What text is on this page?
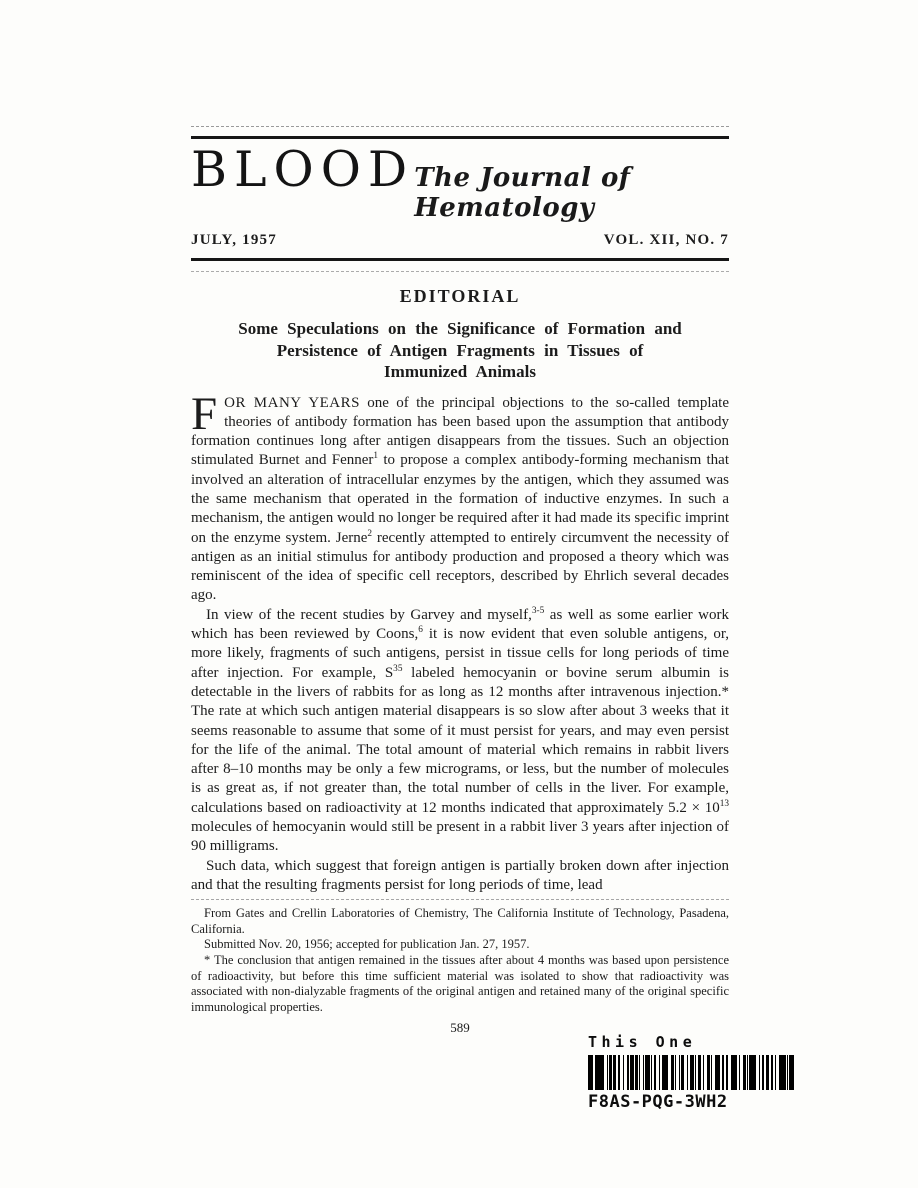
BLOOD The Journal of Hematology
JULY, 1957	VOL. XII, NO. 7
EDITORIAL
Some Speculations on the Significance of Formation and
Persistence of Antigen Fragments in Tissues of
Immunized Animals

FOR MANY YEARS one of the principal objections to the so-called template theories of antibody formation has been based upon the assumption that antibody formation continues long after antigen disappears from the tissues. Such an objection stimulated Burnet and Fenner$^1$ to propose a complex antibody-forming mechanism that involved an alteration of intracellular enzymes by the antigen, which they assumed was the same mechanism that operated in the formation of inductive enzymes. In such a mechanism, the antigen would no longer be required after it had made its specific imprint on the enzyme system. Jerne$^2$ recently attempted to entirely circumvent the necessity of antigen as an initial stimulus for antibody production and proposed a theory which was reminiscent of the idea of specific cell receptors, described by Ehrlich several decades ago.

In view of the recent studies by Garvey and myself,$^{3-5}$ as well as some earlier work which has been reviewed by Coons,$^6$ it is now evident that even soluble antigens, or, more likely, fragments of such antigens, persist in tissue cells for long periods of time after injection. For example, $S^{35}$ labeled hemocyanin or bovine serum albumin is detectable in the livers of rabbits for as long as 12 months after intravenous injection.* The rate at which such antigen material disappears is so slow after about 3 weeks that it seems reasonable to assume that some of it must persist for years, and may even persist for the life of the animal. The total amount of material which remains in rabbit livers after 8–10 months may be only a few micrograms, or less, but the number of molecules is as great as, if not greater than, the total number of cells in the liver. For example, calculations based on radioactivity at 12 months indicated that approximately $5.2 \times 10^{13}$ molecules of hemocyanin would still be present in a rabbit liver 3 years after injection of 90 milligrams.

Such data, which suggest that foreign antigen is partially broken down after injection and that the resulting fragments persist for long periods of time, lead

From Gates and Crellin Laboratories of Chemistry, The California Institute of Technology, Pasadena, California.

Submitted Nov. 20, 1956; accepted for publication Jan. 27, 1957.

* The conclusion that antigen remained in the tissues after about 4 months was based upon persistence of radioactivity, but before this time sufficient material was isolated to show that radioactivity was associated with non-dialyzable fragments of the original antigen and retained many of the original specific immunological properties.

589
This One
F8AS-PQG-3WH2
